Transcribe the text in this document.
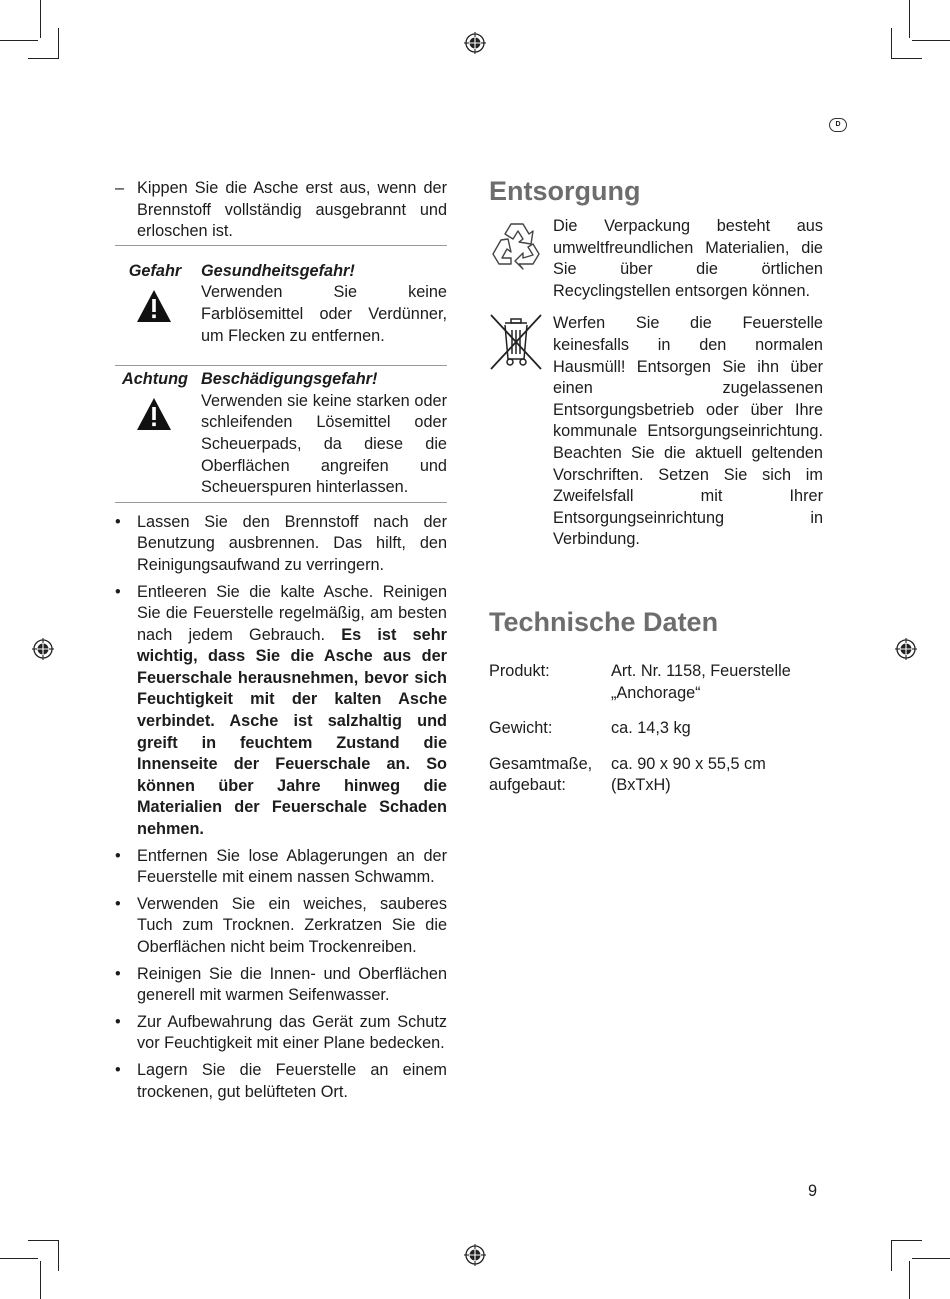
D
– Kippen Sie die Asche erst aus, wenn der Brennstoff vollständig ausgebrannt und erloschen ist.
Gefahr	Gesundheitsgefahr!
Verwenden Sie keine Farblösemittel oder Verdünner, um Flecken zu entfernen.
Achtung Beschädigungsgefahr!
Verwenden sie keine starken oder schleifenden Lösemittel oder Scheuerpads, da diese die Oberflächen angreifen und Scheuerspuren hinterlassen.
• Lassen Sie den Brennstoff nach der Benutzung ausbrennen. Das hilft, den Reinigungsaufwand zu verringern.
• Entleeren Sie die kalte Asche. Reinigen Sie die Feuerstelle regelmäßig, am besten nach jedem Gebrauch. Es ist sehr wichtig, dass Sie die Asche aus der Feuerschale herausnehmen, bevor sich Feuchtigkeit mit der kalten Asche verbindet. Asche ist salzhaltig und greift in feuchtem Zustand die Innenseite der Feuerschale an. So können über Jahre hinweg die Materialien der Feuerschale Schaden nehmen.
• Entfernen Sie lose Ablagerungen an der Feuerstelle mit einem nassen Schwamm.
• Verwenden Sie ein weiches, sauberes Tuch zum Trocknen. Zerkratzen Sie die Oberflächen nicht beim Trockenreiben.
• Reinigen Sie die Innen- und Oberflächen generell mit warmen Seifenwasser.
• Zur Aufbewahrung das Gerät zum Schutz vor Feuchtigkeit mit einer Plane bedecken.
• Lagern Sie die Feuerstelle an einem trockenen, gut belüfteten Ort.
Entsorgung
Die Verpackung besteht aus umweltfreundlichen Materialien, die Sie über die örtlichen Recyclingstellen entsorgen können.
Werfen Sie die Feuerstelle keinesfalls in den normalen Hausmüll! Entsorgen Sie ihn über einen zugelassenen Entsorgungsbetrieb oder über Ihre kommunale Entsorgungseinrichtung. Beachten Sie die aktuell geltenden Vorschriften. Setzen Sie sich im Zweifelsfall mit Ihrer Entsorgungseinrichtung in Verbindung.
Technische Daten
Produkt:	Art. Nr. 1158, Feuerstelle „Anchorage“
Gewicht:	ca. 14,3 kg
Gesamtmaße, aufgebaut:
ca. 90 x 90 x 55,5 cm (BxTxH)
9
